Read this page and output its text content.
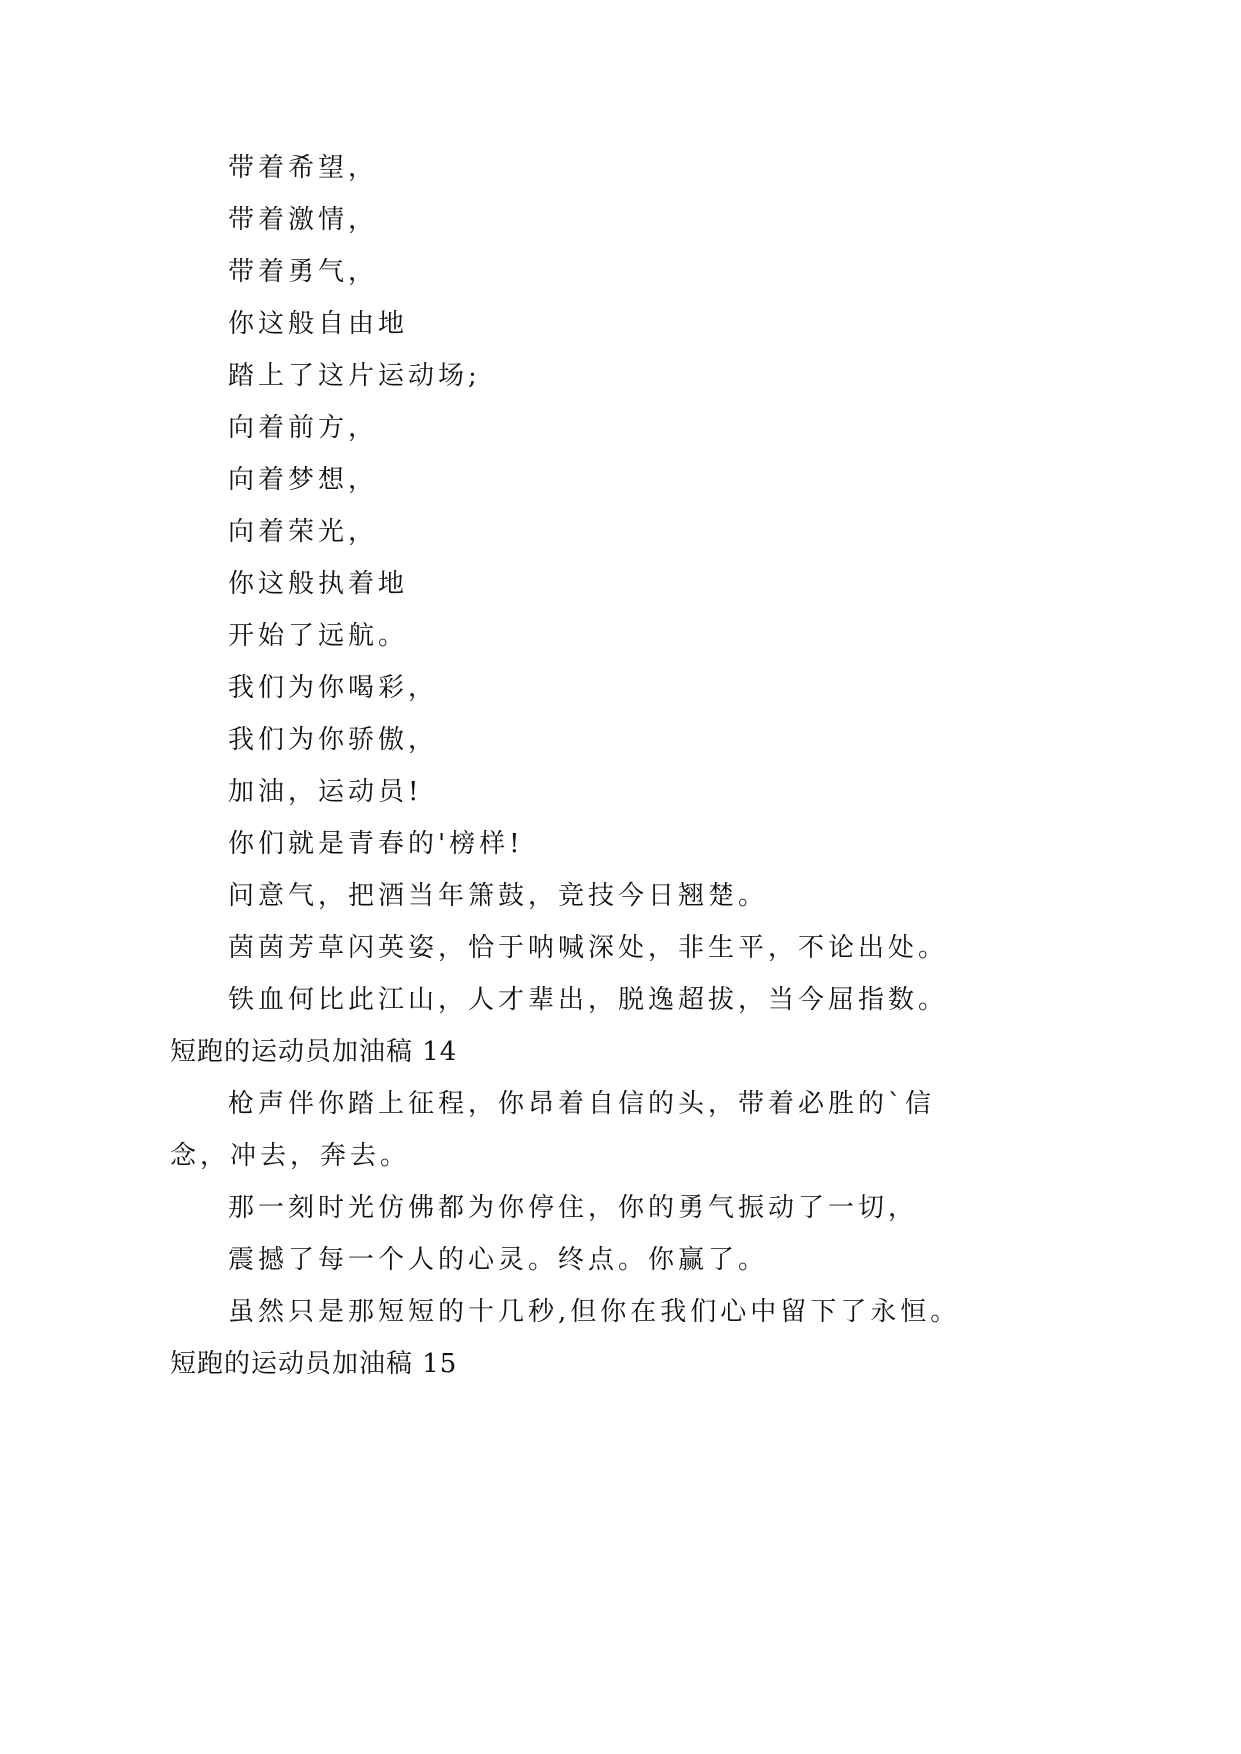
带着希望，
带着激情，
带着勇气，
你这般自由地
踏上了这片运动场;
向着前方，
向着梦想，
向着荣光，
你这般执着地
开始了远航。
我们为你喝彩，
我们为你骄傲，
加油，运动员!
你们就是青春的'榜样!
问意气，把酒当年箫鼓，竞技今日翘楚。
茵茵芳草闪英姿，恰于呐喊深处，非生平，不论出处。
铁血何比此江山，人才辈出，脱逸超拔，当今屈指数。
短跑的运动员加油稿 14
枪声伴你踏上征程，你昂着自信的头，带着必胜的`信
念，冲去，奔去。
那一刻时光仿佛都为你停住，你的勇气振动了一切，
震撼了每一个人的心灵。终点。你赢了。
虽然只是那短短的十几秒,但你在我们心中留下了永恒。
短跑的运动员加油稿 15
